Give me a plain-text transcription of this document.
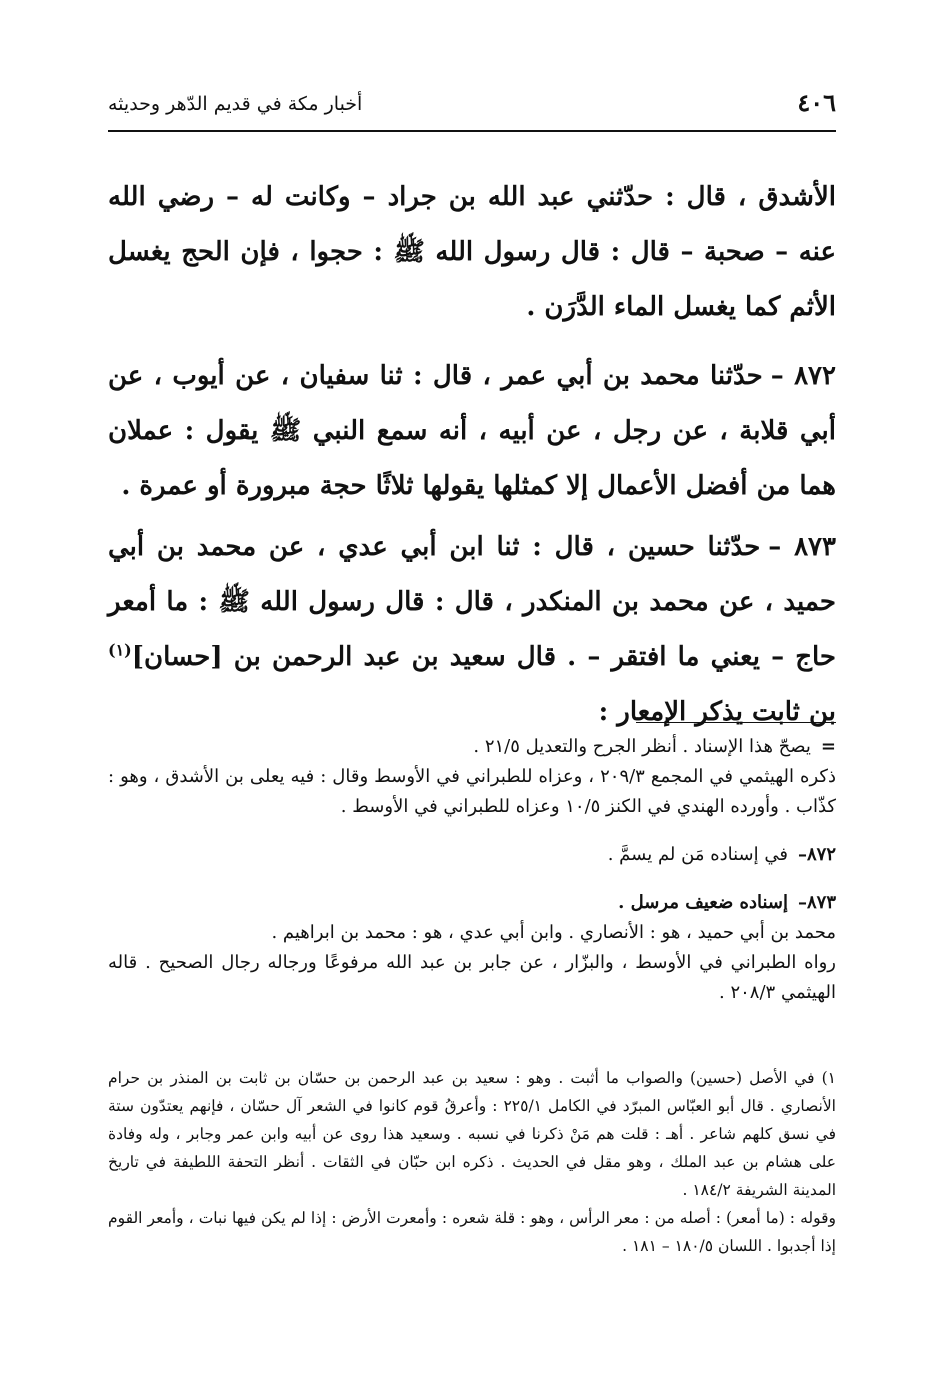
٤٠٦
أخبار مكة في قديم الدّهر وحديثه

الأشدق ، قال : حدّثني عبد الله بن جراد – وكانت له – رضي الله عنه – صحبة – قال : قال رسول الله ﷺ : حجوا ، فإن الحج يغسل الأثم كما يغسل الماء الدَّرَن .

٨٧٢ –حدّثنا محمد بن أبي عمر ، قال : ثنا سفيان ، عن أيوب ، عن أبي قلابة ، عن رجل ، عن أبيه ، أنه سمع النبي ﷺ يقول : عملان هما من أفضل الأعمال إلا كمثلها يقولها ثلاثًا حجة مبرورة أو عمرة .

٨٧٣ –حدّثنا حسين ، قال : ثنا ابن أبي عدي ، عن محمد بن أبي حميد ، عن محمد بن المنكدر ، قال : قال رسول الله ﷺ : ما أمعر حاج – يعني ما افتقر – . قال سعيد بن عبد الرحمن بن [حسان]$^{(١)}$ بن ثابت يذكر الإمعار :

=يصحّ هذا الإسناد . أنظر الجرح والتعديل ٢١/٥ .

ذكره الهيثمي في المجمع ٢٠٩/٣ ، وعزاه للطبراني في الأوسط وقال : فيه يعلى بن الأشدق ، وهو : كذّاب . وأورده الهندي في الكنز ١٠/٥ وعزاه للطبراني في الأوسط .

٨٧٢–في إسناده مَن لم يسمَّ .

٨٧٣–إسناده ضعيف مرسل .

محمد بن أبي حميد ، هو : الأنصاري . وابن أبي عدي ، هو : محمد بن ابراهيم .

رواه الطبراني في الأوسط ، والبزّار ، عن جابر بن عبد الله مرفوعًا ورجاله رجال الصحيح . قاله الهيثمي ٢٠٨/٣ .

١) في الأصل (حسين) والصواب ما أثبت . وهو : سعيد بن عبد الرحمن بن حسّان بن ثابت بن المنذر بن حرام الأنصاري . قال أبو العبّاس المبرّد في الكامل ٢٢٥/١ : وأعرقُ قوم كانوا في الشعر آل حسّان ، فإنهم يعتدّون ستة في نسق كلهم شاعر . أهـ : قلت هم مَنْ ذكرنا في نسبه . وسعيد هذا روى عن أبيه وابن عمر وجابر ، وله وفادة على هشام بن عبد الملك ، وهو مقل في الحديث . ذكره ابن حبّان في الثقات . أنظر التحفة اللطيفة في تاريخ المدينة الشريفة ١٨٤/٢ .

وقوله : (ما أمعر) : أصله من : معر الرأس ، وهو : قلة شعره : وأمعرت الأرض : إذا لم يكن فيها نبات ، وأمعر القوم إذا أجدبوا . اللسان ١٨٠/٥ – ١٨١ .
